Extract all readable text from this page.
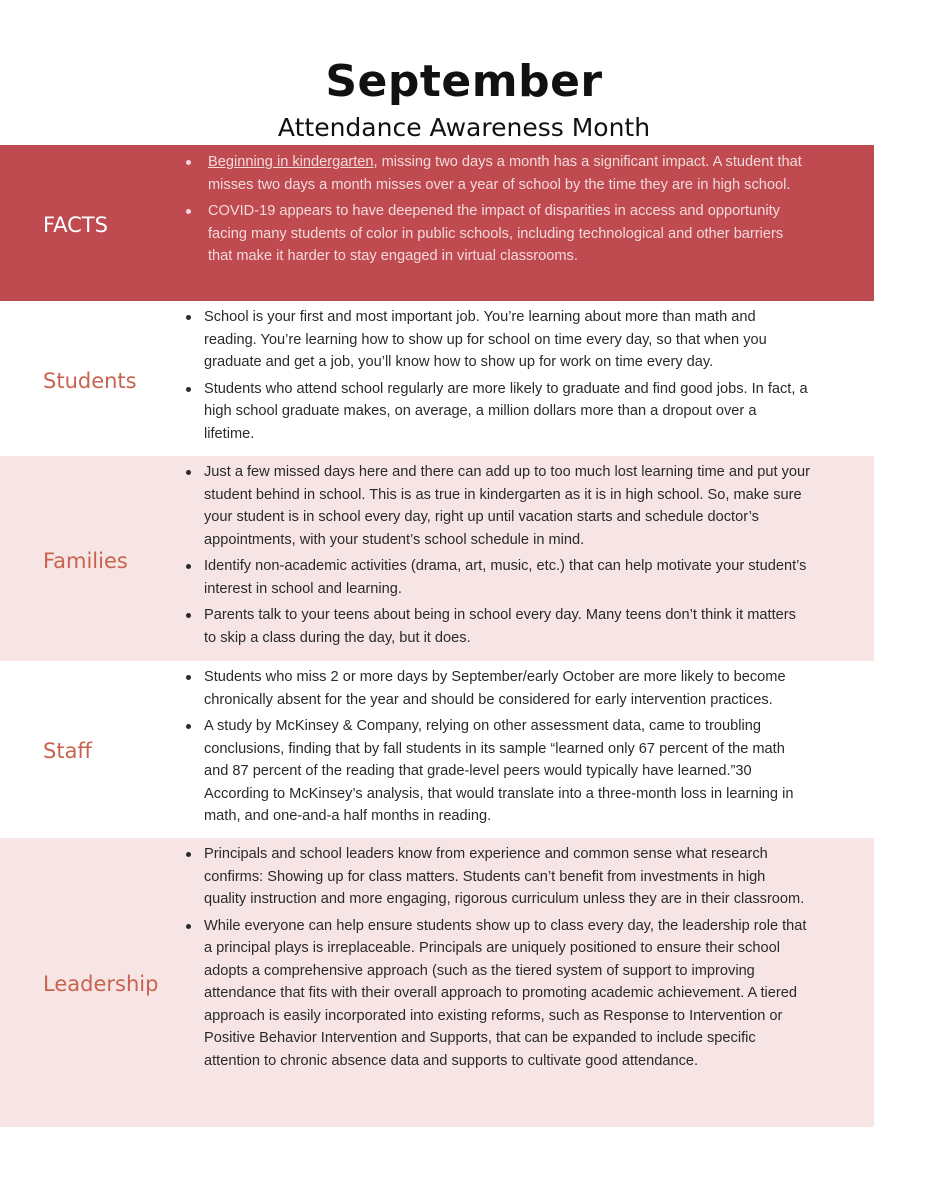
September
Attendance Awareness Month
Beginning in kindergarten, missing two days a month has a significant impact. A student that misses two days a month misses over a year of school by the time they are in high school.
COVID-19 appears to have deepened the impact of disparities in access and opportunity facing many students of color in public schools, including technological and other barriers that make it harder to stay engaged in virtual classrooms.
FACTS
School is your first and most important job. You’re learning about more than math and reading. You’re learning how to show up for school on time every day, so that when you graduate and get a job, you’ll know how to show up for work on time every day.
Students who attend school regularly are more likely to graduate and find good jobs. In fact, a high school graduate makes, on average, a million dollars more than a dropout over a lifetime.
Students
Just a few missed days here and there can add up to too much lost learning time and put your student behind in school. This is as true in kindergarten as it is in high school. So, make sure your student is in school every day, right up until vacation starts and schedule doctor’s appointments, with your student’s school schedule in mind.
Identify non-academic activities (drama, art, music, etc.) that can help motivate your student’s interest in school and learning.
Parents talk to your teens about being in school every day. Many teens don’t think it matters to skip a class during the day, but it does.
Families
Students who miss 2 or more days by September/early October are more likely to become chronically absent for the year and should be considered for early intervention practices.
A study by McKinsey & Company, relying on other assessment data, came to troubling conclusions, finding that by fall students in its sample “learned only 67 percent of the math and 87 percent of the reading that grade-level peers would typically have learned.”30 According to McKinsey’s analysis, that would translate into a three-month loss in learning in math, and one-and-a half months in reading.
Staff
Principals and school leaders know from experience and common sense what research confirms: Showing up for class matters. Students can’t benefit from investments in high quality instruction and more engaging, rigorous curriculum unless they are in their classroom.
While everyone can help ensure students show up to class every day, the leadership role that a principal plays is irreplaceable. Principals are uniquely positioned to ensure their school adopts a comprehensive approach (such as the tiered system of support to improving attendance that fits with their overall approach to promoting academic achievement. A tiered approach is easily incorporated into existing reforms, such as Response to Intervention or Positive Behavior Intervention and Supports, that can be expanded to include specific attention to chronic absence data and supports to cultivate good attendance.
Leadership
